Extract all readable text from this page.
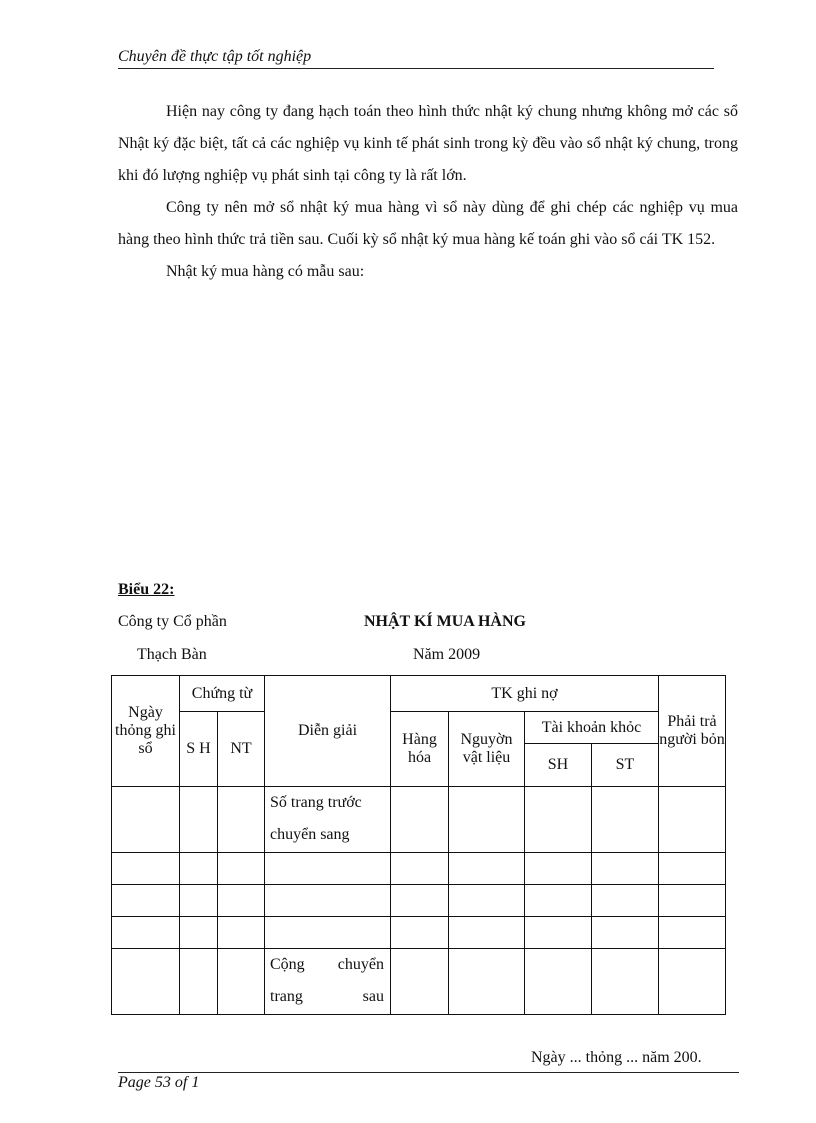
Chuyên đề thực tập tốt nghiệp

Hiện nay công ty đang hạch toán theo hình thức nhật ký chung nhưng không mở các sổ Nhật ký đặc biệt, tất cả các nghiệp vụ kinh tế phát sinh trong kỳ đều vào sổ nhật ký chung, trong khi đó lượng nghiệp vụ phát sinh tại công ty là rất lớn.

Công ty nên mở sổ nhật ký mua hàng vì sổ này dùng để ghi chép các nghiệp vụ mua hàng theo hình thức trả tiền sau. Cuối kỳ sổ nhật ký mua hàng kế toán ghi vào sổ cái TK 152.

Nhật ký mua hàng có mẫu sau:

Biểu 22:
Công ty Cổ phần
Thạch Bàn
NHẬT KÍ MUA HÀNG
Năm 2009
Ngày thỏng ghi sổ	Chứng từ		Diễn giải	TK ghi nợ				Phải trả người bỏn
	S H	NT		Hàng hóa	Nguyờn vật liệu	Tài khoản khỏc		
						SH	ST	
			Số trang trước chuyển sang					

			Cộng chuyển trang sau					
Ngày ... thỏng ... năm 200.
Page 53 of 1
